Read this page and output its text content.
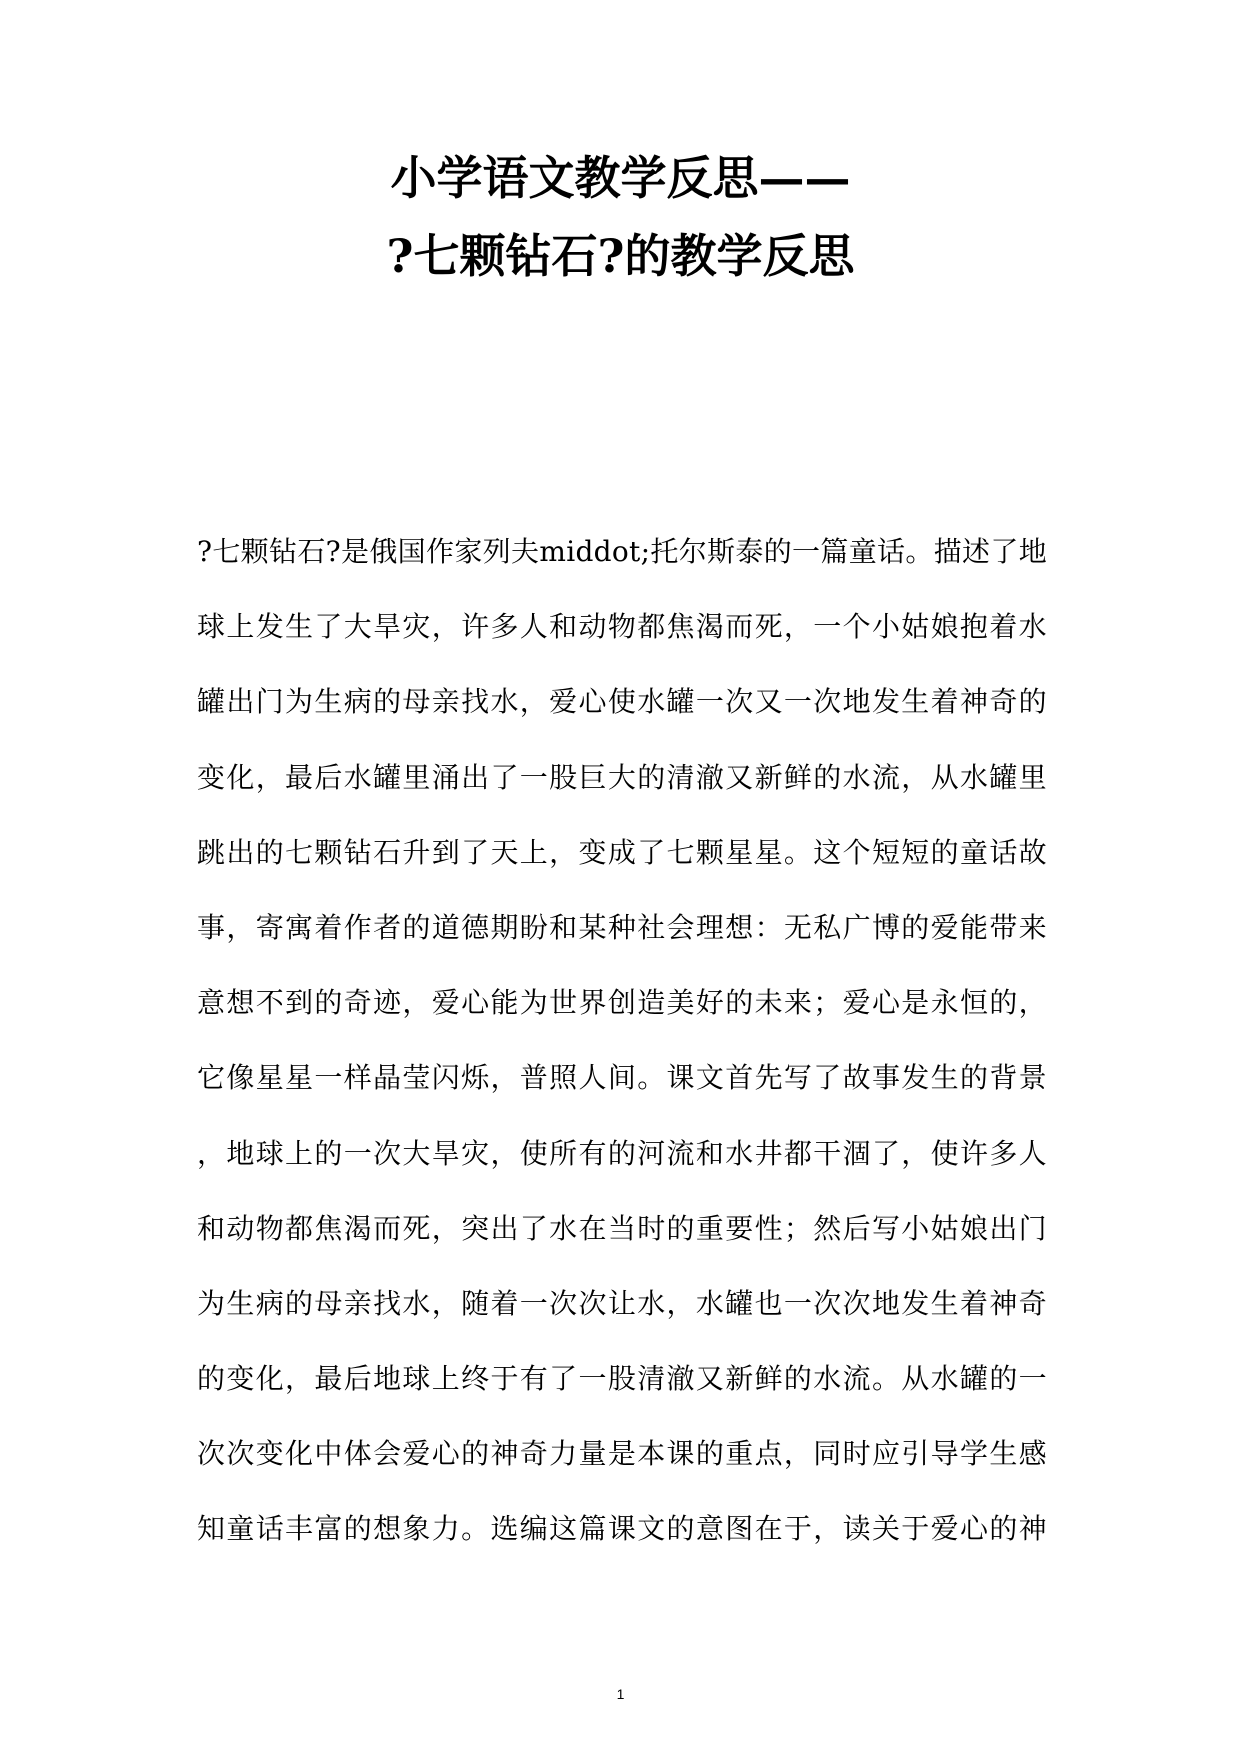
小学语文教学反思——
?七颗钻石?的教学反思
?七颗钻石?是俄国作家列夫middot;托尔斯泰的一篇童话。描述了地
球上发生了大旱灾，许多人和动物都焦渴而死，一个小姑娘抱着水
罐出门为生病的母亲找水，爱心使水罐一次又一次地发生着神奇的
变化，最后水罐里涌出了一股巨大的清澈又新鲜的水流，从水罐里
跳出的七颗钻石升到了天上，变成了七颗星星。这个短短的童话故
事，寄寓着作者的道德期盼和某种社会理想：无私广博的爱能带来
意想不到的奇迹，爱心能为世界创造美好的未来；爱心是永恒的，
它像星星一样晶莹闪烁，普照人间。课文首先写了故事发生的背景
，地球上的一次大旱灾，使所有的河流和水井都干涸了，使许多人
和动物都焦渴而死，突出了水在当时的重要性；然后写小姑娘出门
为生病的母亲找水，随着一次次让水，水罐也一次次地发生着神奇
的变化，最后地球上终于有了一股清澈又新鲜的水流。从水罐的一
次次变化中体会爱心的神奇力量是本课的重点，同时应引导学生感
知童话丰富的想象力。选编这篇课文的意图在于，读关于爱心的神
1
